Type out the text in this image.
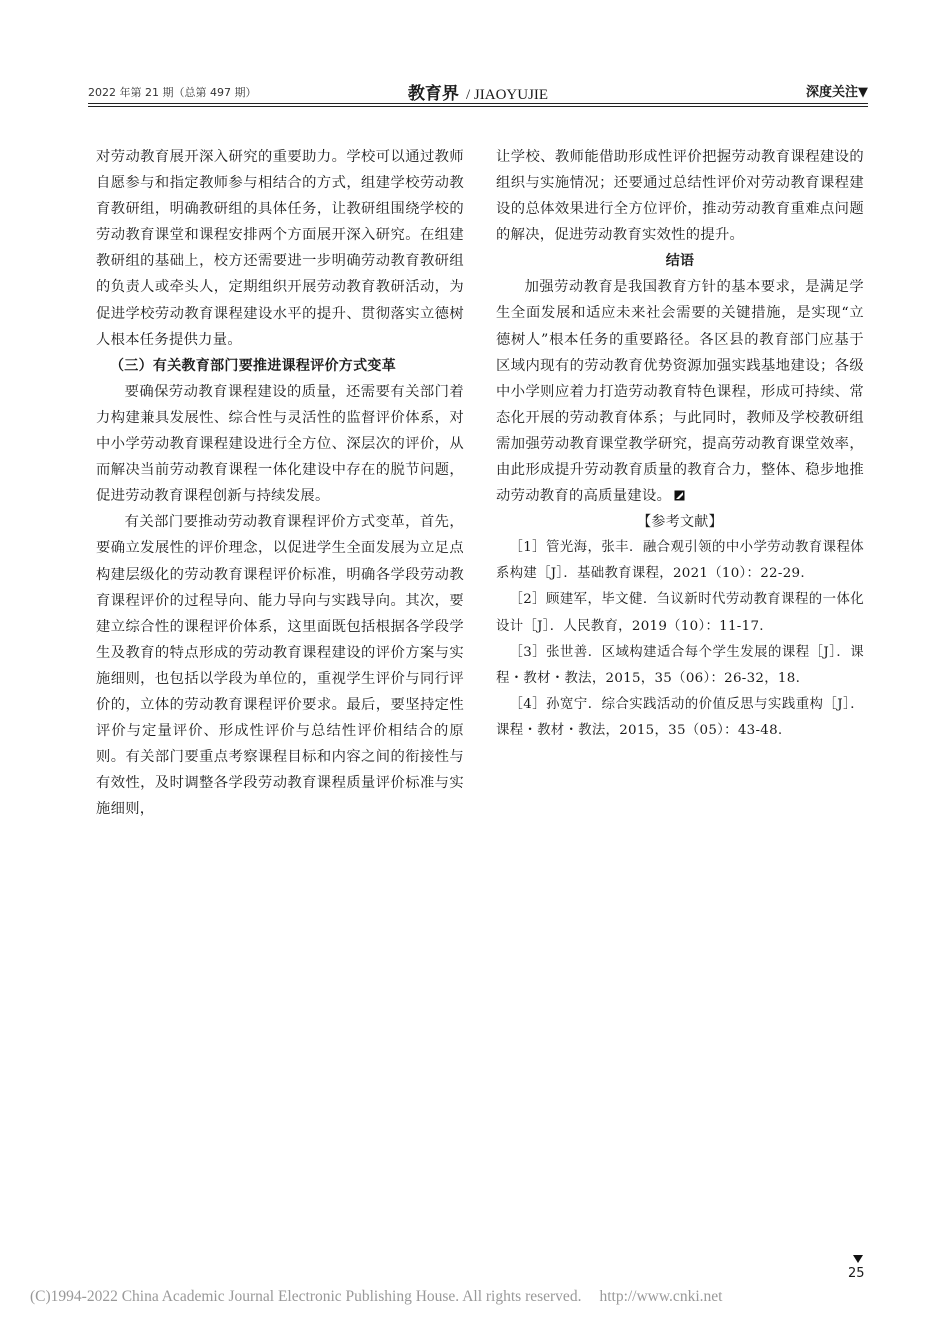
2022 年第 21 期（总第 497 期）	教育界 / JIAOYUJIE	深度关注▼

对劳动教育展开深入研究的重要助力。学校可以通过教师自愿参与和指定教师参与相结合的方式，组建学校劳动教育教研组，明确教研组的具体任务，让教研组围绕学校的劳动教育课堂和课程安排两个方面展开深入研究。在组建教研组的基础上，校方还需要进一步明确劳动教育教研组的负责人或牵头人，定期组织开展劳动教育教研活动，为促进学校劳动教育课程建设水平的提升、贯彻落实立德树人根本任务提供力量。

（三）有关教育部门要推进课程评价方式变革

要确保劳动教育课程建设的质量，还需要有关部门着力构建兼具发展性、综合性与灵活性的监督评价体系，对中小学劳动教育课程建设进行全方位、深层次的评价，从而解决当前劳动教育课程一体化建设中存在的脱节问题，促进劳动教育课程创新与持续发展。

有关部门要推动劳动教育课程评价方式变革，首先，要确立发展性的评价理念，以促进学生全面发展为立足点构建层级化的劳动教育课程评价标准，明确各学段劳动教育课程评价的过程导向、能力导向与实践导向。其次，要建立综合性的课程评价体系，这里面既包括根据各学段学生及教育的特点形成的劳动教育课程建设的评价方案与实施细则，也包括以学段为单位的，重视学生评价与同行评价的，立体的劳动教育课程评价要求。最后，要坚持定性评价与定量评价、形成性评价与总结性评价相结合的原则。有关部门要重点考察课程目标和内容之间的衔接性与有效性，及时调整各学段劳动教育课程质量评价标准与实施细则，

让学校、教师能借助形成性评价把握劳动教育课程建设的组织与实施情况；还要通过总结性评价对劳动教育课程建设的总体效果进行全方位评价，推动劳动教育重难点问题的解决，促进劳动教育实效性的提升。

结语

加强劳动教育是我国教育方针的基本要求，是满足学生全面发展和适应未来社会需要的关键措施，是实现“立德树人”根本任务的重要路径。各区县的教育部门应基于区域内现有的劳动教育优势资源加强实践基地建设；各级中小学则应着力打造劳动教育特色课程，形成可持续、常态化开展的劳动教育体系；与此同时，教师及学校教研组需加强劳动教育课堂教学研究，提高劳动教育课堂效率，由此形成提升劳动教育质量的教育合力，整体、稳步地推动劳动教育的高质量建设。

【参考文献】

［1］管光海，张丰．融合观引领的中小学劳动教育课程体系构建［J］．基础教育课程，2021（10）：22-29.

［2］顾建军，毕文健．刍议新时代劳动教育课程的一体化设计［J］．人民教育，2019（10）：11-17.

［3］张世善．区域构建适合每个学生发展的课程［J］．课程・教材・教法，2015，35（06）：26-32，18.

［4］孙宽宁．综合实践活动的价值反思与实践重构［J］．课程・教材・教法，2015，35（05）：43-48.

25
(C)1994-2022 China Academic Journal Electronic Publishing House. All rights reserved. http://www.cnki.net
